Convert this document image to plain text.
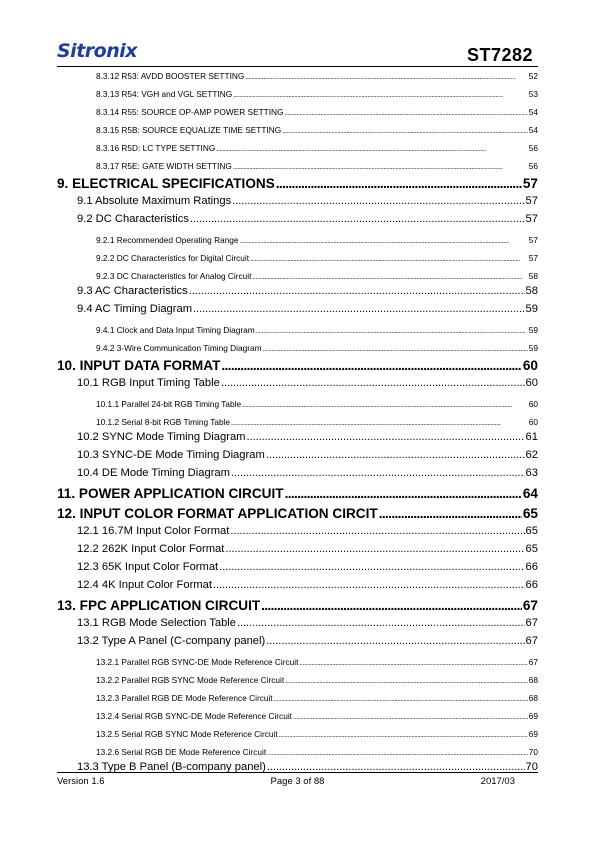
Sitronix	ST7282
8.3.12 R53: AVDD BOOSTER SETTING . . .	52
8.3.13 R54: VGH and VGL SETTING . . .	53
8.3.14 R55: SOURCE OP-AMP POWER SETTING . . .	54
8.3.15 R5B: SOURCE EQUALIZE TIME SETTING . . .	54
8.3.16 R5D: LC TYPE SETTING . . .	56
8.3.17 R5E: GATE WIDTH SETTING . . .	56
9. ELECTRICAL SPECIFICATIONS . . .	57
9.1 Absolute Maximum Ratings . . .	57
9.2 DC Characteristics . . .	57
9.2.1 Recommended Operating Range . . .	57
9.2.2 DC Characteristics for Digital Circuit . . .	57
9.2.3 DC Characteristics for Analog Circuit . . .	58
9.3 AC Characteristics . . .	58
9.4 AC Timing Diagram . . .	59
9.4.1 Clock and Data Input Timing Diagram . . .	59
9.4.2 3-Wire Communication Timing Diagram . . .	59
10. INPUT DATA FORMAT . . .	60
10.1 RGB Input Timing Table . . .	60
10.1.1 Parallel 24-bit RGB Timing Table . . .	60
10.1.2 Serial 8-bit RGB Timing Table . . .	60
10.2 SYNC Mode Timing Diagram . . .	61
10.3 SYNC-DE Mode Timing Diagram . . .	62
10.4 DE Mode Timing Diagram . . .	63
11. POWER APPLICATION CIRCUIT . . .	64
12. INPUT COLOR FORMAT APPLICATION CIRCIT . . .	65
12.1 16.7M Input Color Format . . .	65
12.2 262K Input Color Format . . .	65
12.3 65K Input Color Format . . .	66
12.4 4K Input Color Format . . .	66
13. FPC APPLICATION CIRCUIT . . .	67
13.1 RGB Mode Selection Table . . .	67
13.2 Type A Panel (C-company panel) . . .	67
13.2.1 Parallel RGB SYNC-DE Mode Reference Circuit . . .	67
13.2.2 Parallel RGB SYNC Mode Reference Circuit . . .	68
13.2.3 Parallel RGB DE Mode Reference Circuit . . .	68
13.2.4 Serial RGB SYNC-DE Mode Reference Circuit . . .	69
13.2.5 Serial RGB SYNC Mode Reference Circuit . . .	69
13.2.6 Serial RGB DE Mode Reference Circuit . . .	70
13.3 Type B Panel (B-company panel) . . .	70
Version 1.6	Page 3 of 88	2017/03
